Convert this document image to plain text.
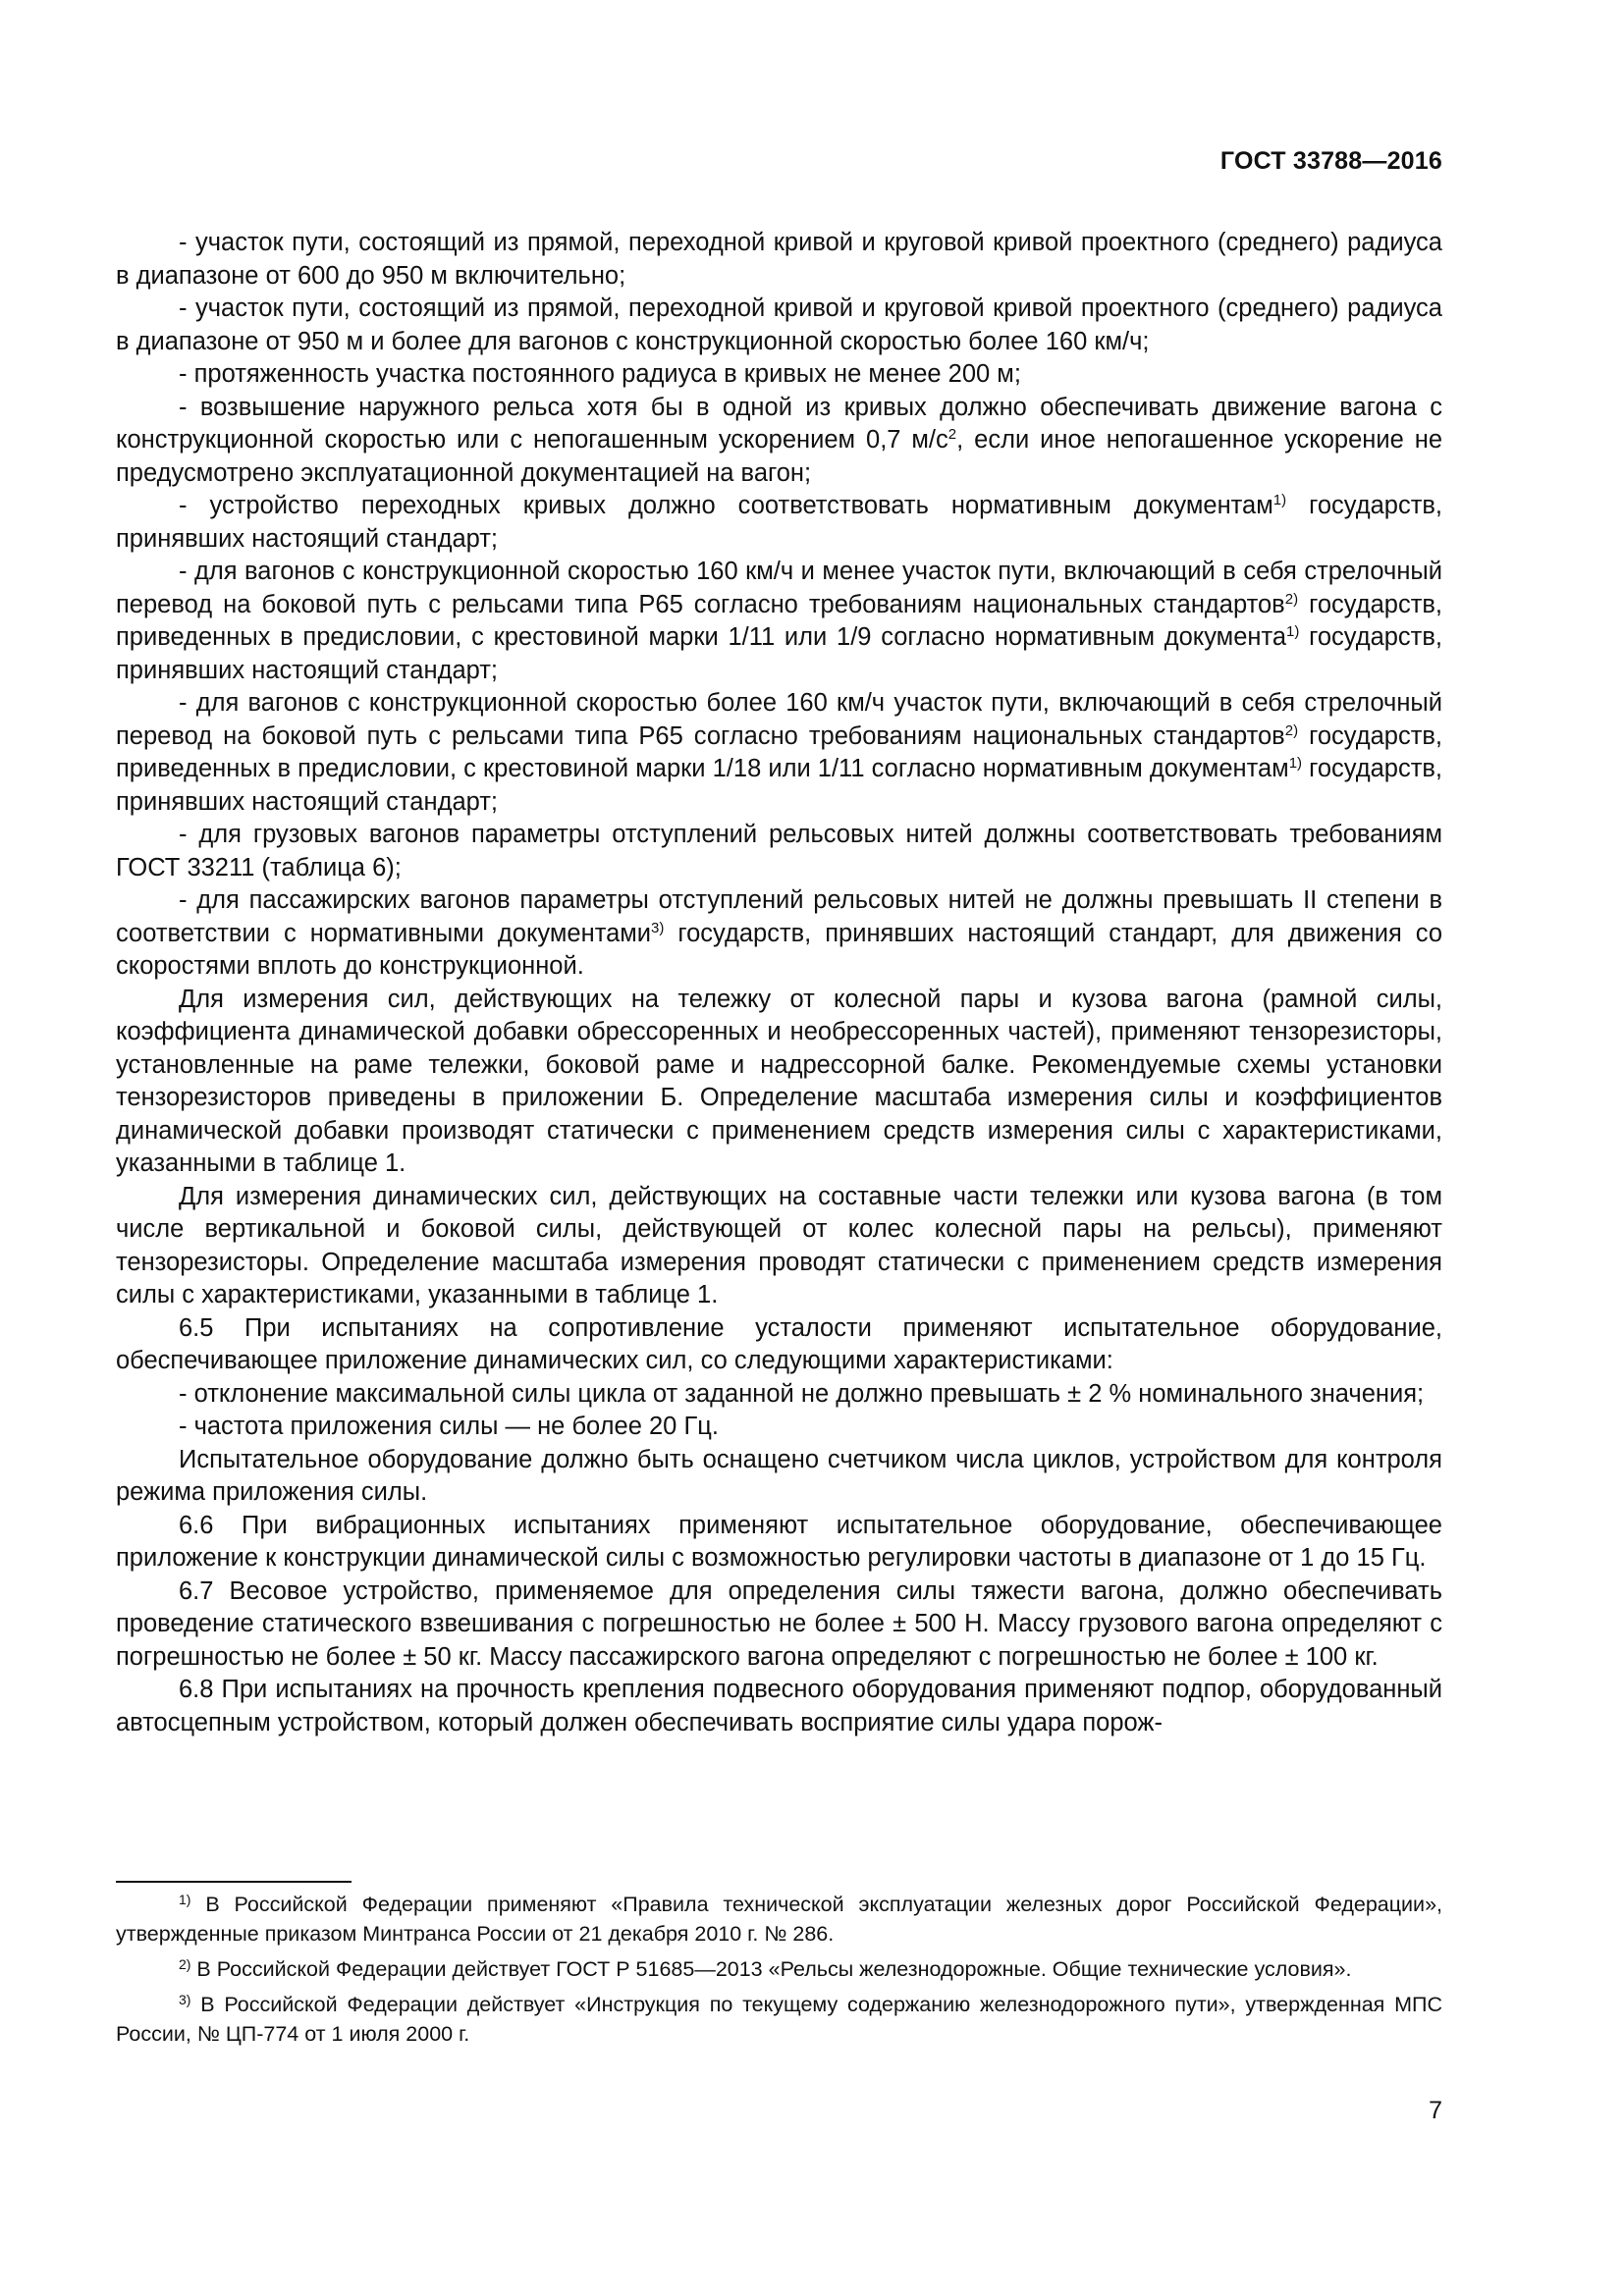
ГОСТ 33788—2016

- участок пути, состоящий из прямой, переходной кривой и круговой кривой проектного (среднего) радиуса в диапазоне от 600 до 950 м включительно;

- участок пути, состоящий из прямой, переходной кривой и круговой кривой проектного (среднего) радиуса в диапазоне от 950 м и более для вагонов с конструкционной скоростью более 160 км/ч;

- протяженность участка постоянного радиуса в кривых не менее 200 м;

- возвышение наружного рельса хотя бы в одной из кривых должно обеспечивать движение вагона с конструкционной скоростью или с непогашенным ускорением 0,7 $м/с^2$, если иное непогашенное ускорение не предусмотрено эксплуатационной документацией на вагон;

- устройство переходных кривых должно соответствовать нормативным документам$^{1)}$ государств, принявших настоящий стандарт;

- для вагонов с конструкционной скоростью 160 км/ч и менее участок пути, включающий в себя стрелочный перевод на боковой путь с рельсами типа Р65 согласно требованиям национальных стандартов$^{2)}$ государств, приведенных в предисловии, с крестовиной марки 1/11 или 1/9 согласно нормативным документа$^{1)}$ государств, принявших настоящий стандарт;

- для вагонов с конструкционной скоростью более 160 км/ч участок пути, включающий в себя стрелочный перевод на боковой путь с рельсами типа Р65 согласно требованиям национальных стандартов$^{2)}$ государств, приведенных в предисловии, с крестовиной марки 1/18 или 1/11 согласно нормативным документам$^{1)}$ государств, принявших настоящий стандарт;

- для грузовых вагонов параметры отступлений рельсовых нитей должны соответствовать требованиям ГОСТ 33211 (таблица 6);

- для пассажирских вагонов параметры отступлений рельсовых нитей не должны превышать II степени в соответствии с нормативными документами$^{3)}$ государств, принявших настоящий стандарт, для движения со скоростями вплоть до конструкционной.

Для измерения сил, действующих на тележку от колесной пары и кузова вагона (рамной силы, коэффициента динамической добавки обрессоренных и необрессоренных частей), применяют тензорезисторы, установленные на раме тележки, боковой раме и надрессорной балке. Рекомендуемые схемы установки тензорезисторов приведены в приложении Б. Определение масштаба измерения силы и коэффициентов динамической добавки производят статически с применением средств измерения силы с характеристиками, указанными в таблице 1.

Для измерения динамических сил, действующих на составные части тележки или кузова вагона (в том числе вертикальной и боковой силы, действующей от колес колесной пары на рельсы), применяют тензорезисторы. Определение масштаба измерения проводят статически с применением средств измерения силы с характеристиками, указанными в таблице 1.

6.5 При испытаниях на сопротивление усталости применяют испытательное оборудование, обеспечивающее приложение динамических сил, со следующими характеристиками:

- отклонение максимальной силы цикла от заданной не должно превышать ± 2 % номинального значения;

- частота приложения силы — не более 20 Гц.

Испытательное оборудование должно быть оснащено счетчиком числа циклов, устройством для контроля режима приложения силы.

6.6 При вибрационных испытаниях применяют испытательное оборудование, обеспечивающее приложение к конструкции динамической силы с возможностью регулировки частоты в диапазоне от 1 до 15 Гц.

6.7 Весовое устройство, применяемое для определения силы тяжести вагона, должно обеспечивать проведение статического взвешивания с погрешностью не более ± 500 Н. Массу грузового вагона определяют с погрешностью не более ± 50 кг. Массу пассажирского вагона определяют с погрешностью не более ± 100 кг.

6.8 При испытаниях на прочность крепления подвесного оборудования применяют подпор, оборудованный автосцепным устройством, который должен обеспечивать восприятие силы удара порож-

$^{1)}$ В Российской Федерации применяют «Правила технической эксплуатации железных дорог Российской Федерации», утвержденные приказом Минтранса России от 21 декабря 2010 г. № 286.

$^{2)}$ В Российской Федерации действует ГОСТ Р 51685—2013 «Рельсы железнодорожные. Общие технические условия».

$^{3)}$ В Российской Федерации действует «Инструкция по текущему содержанию железнодорожного пути», утвержденная МПС России, № ЦП-774 от 1 июля 2000 г.

7
